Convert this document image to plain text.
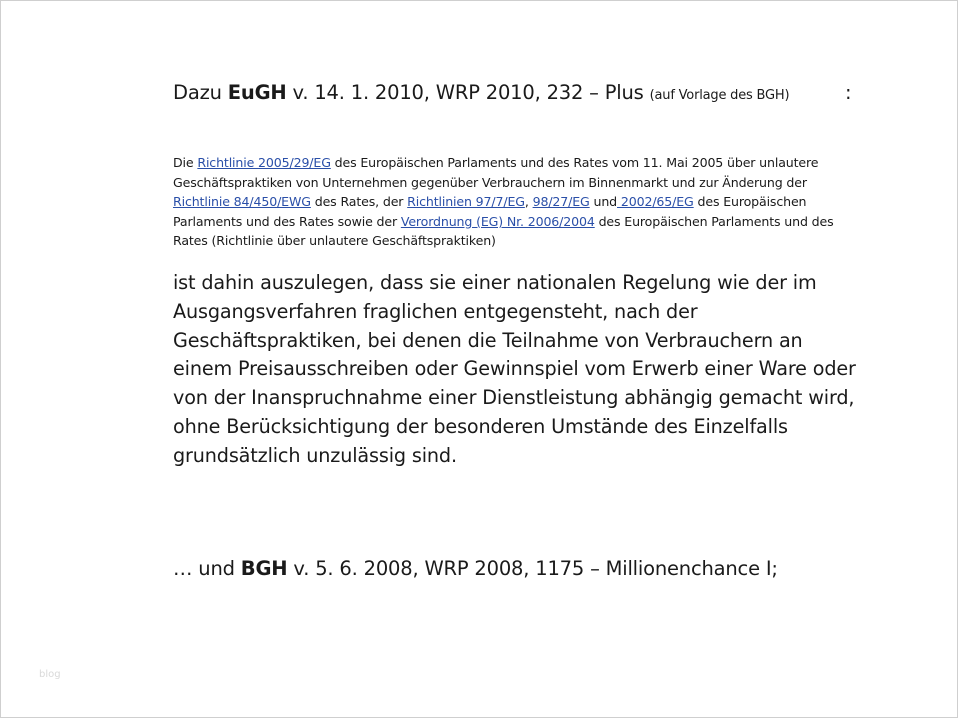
Dazu EuGH v. 14. 1. 2010, WRP 2010, 232 – Plus (auf Vorlage des BGH)	:
Die Richtlinie 2005/29/EG des Europäischen Parlaments und des Rates vom 11. Mai 2005 über unlautere Geschäftspraktiken von Unternehmen gegenüber Verbrauchern im Binnenmarkt und zur Änderung der Richtlinie 84/450/EWG des Rates, der Richtlinien 97/7/EG, 98/27/EG und 2002/65/EG des Europäischen Parlaments und des Rates sowie der Verordnung (EG) Nr. 2006/2004 des Europäischen Parlaments und des Rates (Richtlinie über unlautere Geschäftspraktiken)
ist dahin auszulegen, dass sie einer nationalen Regelung wie der im Ausgangsverfahren fraglichen entgegensteht, nach der Geschäftspraktiken, bei denen die Teilnahme von Verbrauchern an einem Preisausschreiben oder Gewinnspiel vom Erwerb einer Ware oder von der Inanspruchnahme einer Dienstleistung abhängig gemacht wird, ohne Berücksichtigung der besonderen Umstände des Einzelfalls grundsätzlich unzulässig sind.
… und BGH v. 5. 6. 2008, WRP 2008, 1175 – Millionenchance I;
blog
